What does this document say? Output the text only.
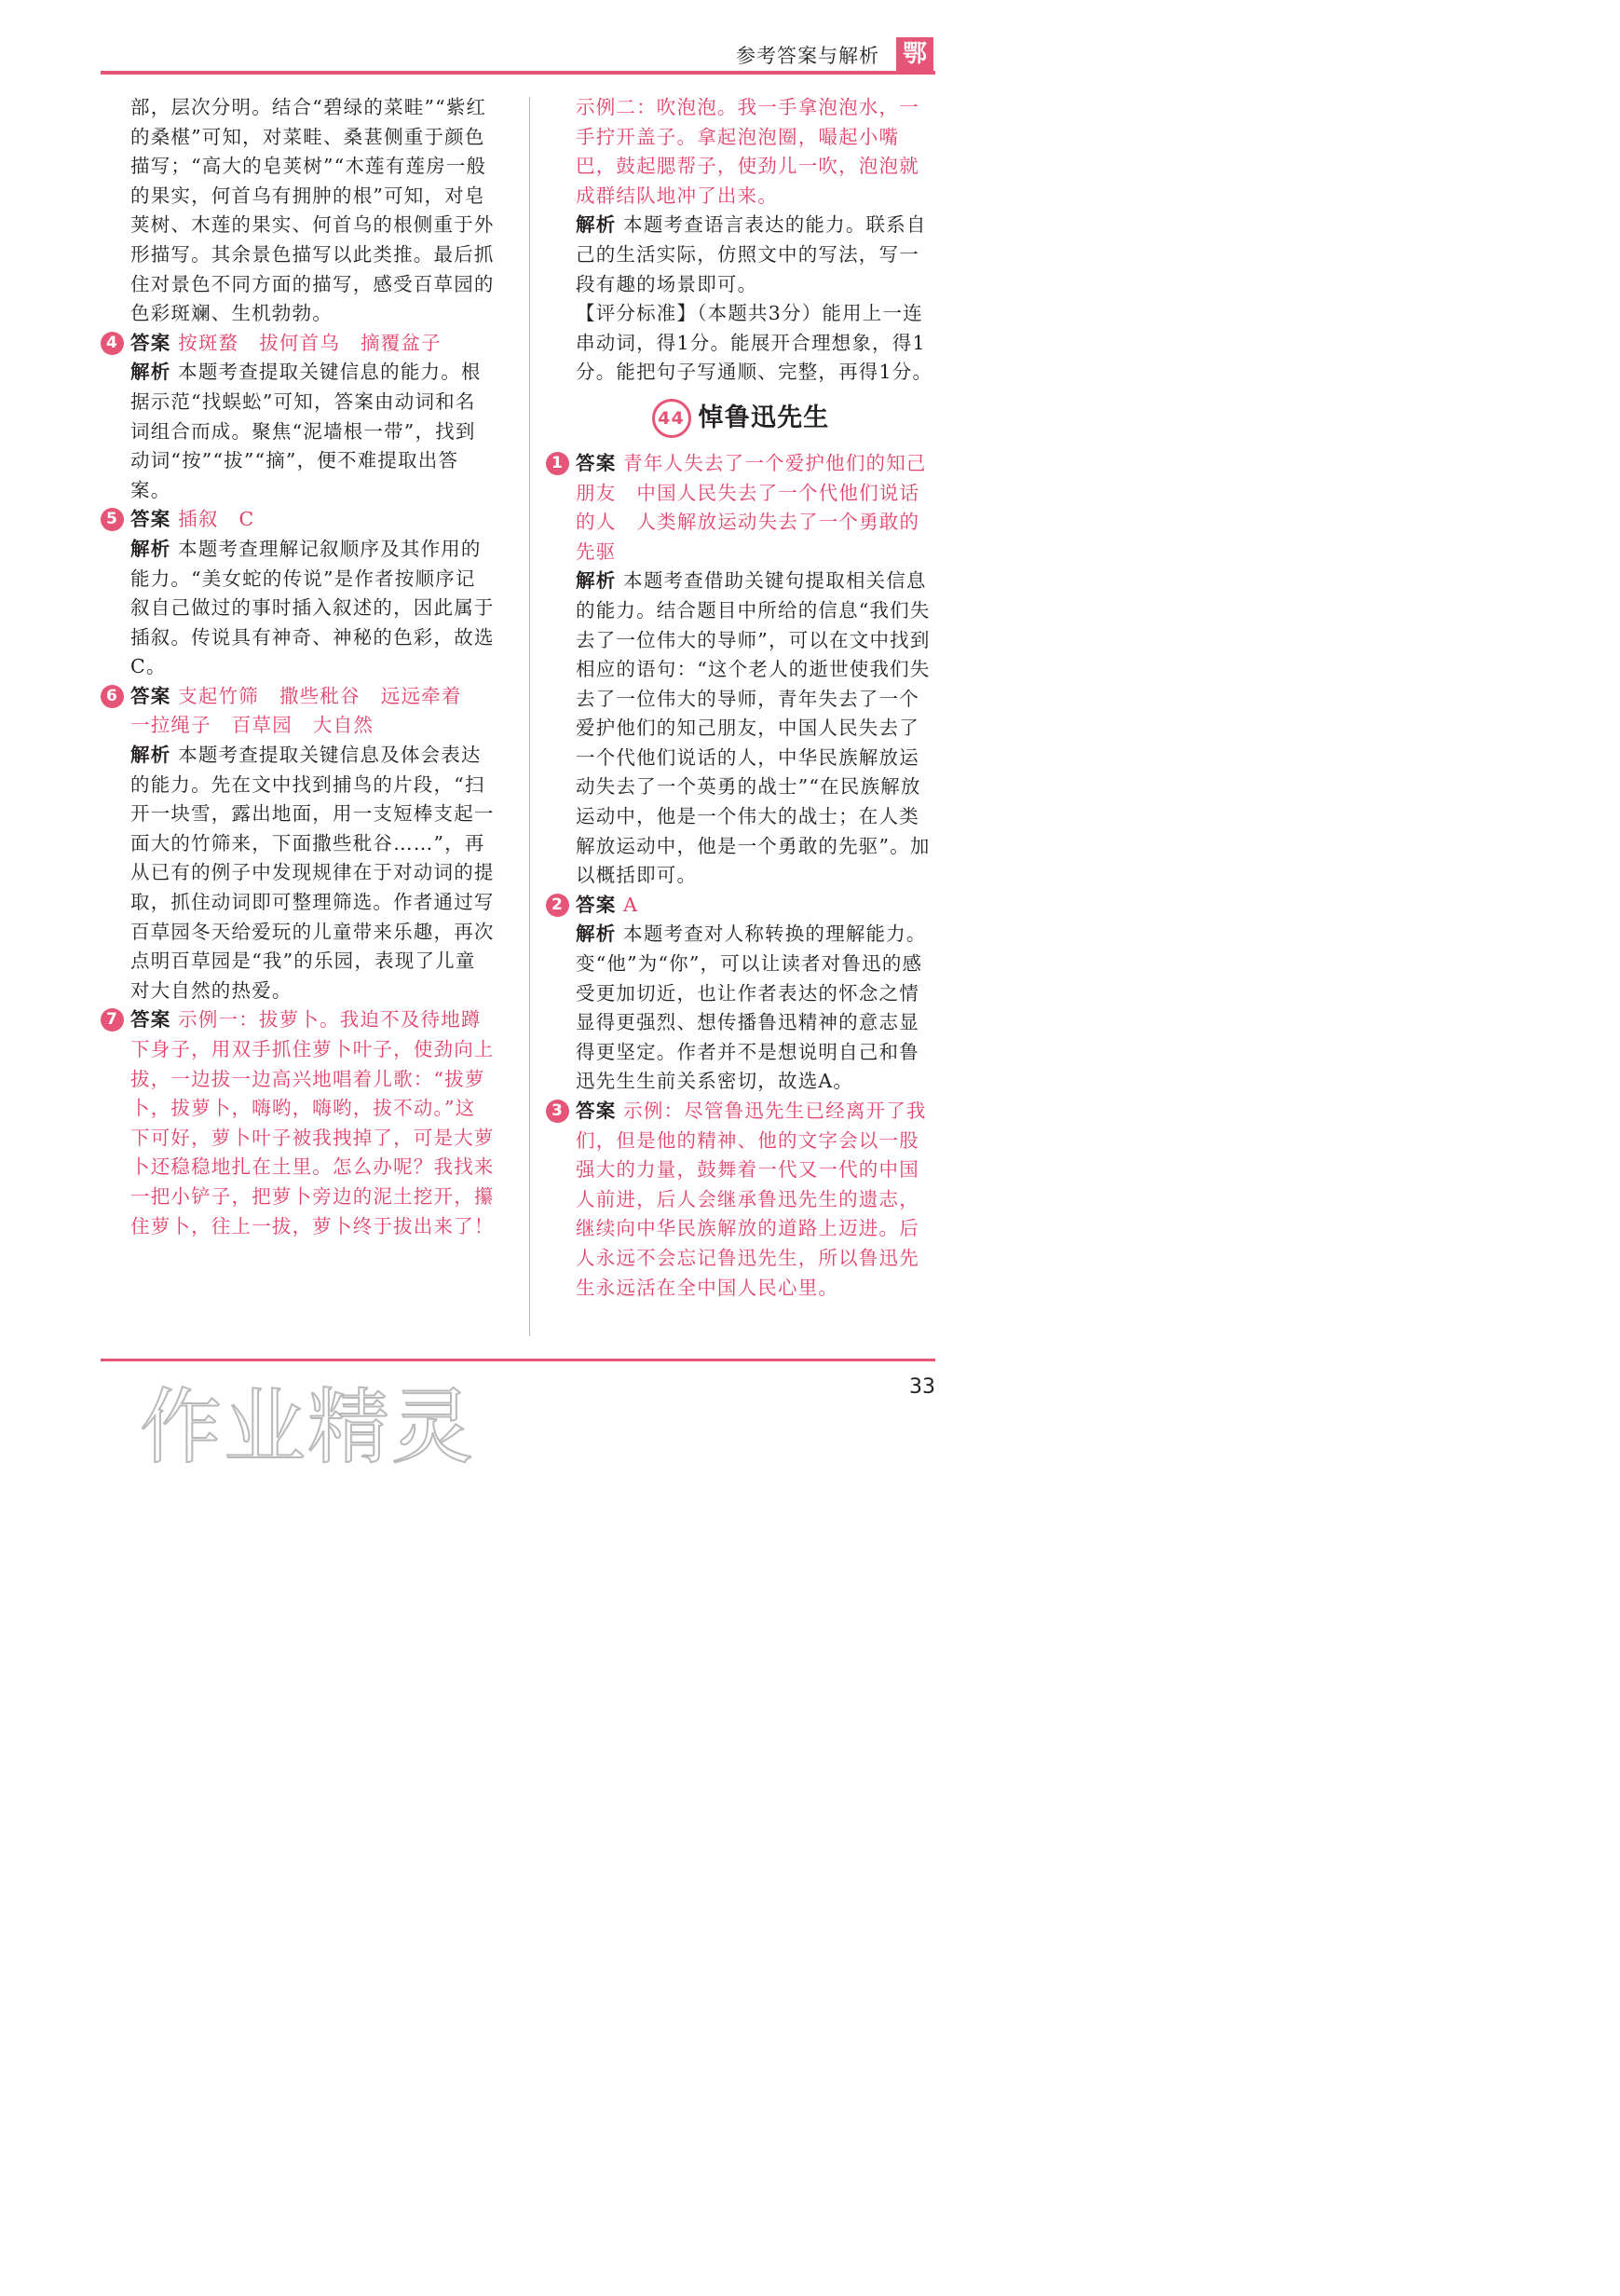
参考答案与解析 鄂

部，层次分明。结合“碧绿的菜畦”“紫红的桑椹”可知，对菜畦、桑葚侧重于颜色描写；“高大的皂荚树”“木莲有莲房一般的果实，何首乌有拥肿的根”可知，对皂荚树、木莲的果实、何首乌的根侧重于外形描写。其余景色描写以此类推。最后抓住对景色不同方面的描写，感受百草园的色彩斑斓、生机勃勃。

4 答案 按斑蝥 拔何首乌 摘覆盆子
解析 本题考查提取关键信息的能力。根据示范“找蜈蚣”可知，答案由动词和名词组合而成。聚焦“泥墙根一带”，找到动词“按”“拔”“摘”，便不难提取出答案。
5 答案 插叙 C
解析 本题考查理解记叙顺序及其作用的能力。“美女蛇的传说”是作者按顺序记叙自己做过的事时插入叙述的，因此属于插叙。传说具有神奇、神秘的色彩，故选C。
6 答案 支起竹筛 撒些秕谷 远远牵着
一拉绳子 百草园 大自然
解析 本题考查提取关键信息及体会表达的能力。先在文中找到捕鸟的片段，“扫开一块雪，露出地面，用一支短棒支起一面大的竹筛来，下面撒些秕谷……”，再从已有的例子中发现规律在于对动词的提取，抓住动词即可整理筛选。作者通过写百草园冬天给爱玩的儿童带来乐趣，再次点明百草园是“我”的乐园，表现了儿童对大自然的热爱。
7 答案 示例一：拔萝卜。我迫不及待地蹲下身子，用双手抓住萝卜叶子，使劲向上拔，一边拔一边高兴地唱着儿歌：“拔萝卜，拔萝卜，嗨哟，嗨哟，拔不动。”这下可好，萝卜叶子被我拽掉了，可是大萝卜还稳稳地扎在土里。怎么办呢？我找来一把小铲子，把萝卜旁边的泥土挖开，攥住萝卜，往上一拔，萝卜终于拔出来了！

示例二：吹泡泡。我一手拿泡泡水，一手拧开盖子。拿起泡泡圈，嘬起小嘴巴，鼓起腮帮子，使劲儿一吹，泡泡就成群结队地冲了出来。

解析 本题考查语言表达的能力。联系自己的生活实际，仿照文中的写法，写一段有趣的场景即可。

【评分标准】（本题共3分）能用上一连串动词，得1分。能展开合理想象，得1分。能把句子写通顺、完整，再得1分。

44 悼鲁迅先生
1 答案 青年人失去了一个爱护他们的知己朋友 中国人民失去了一个代他们说话的人 人类解放运动失去了一个勇敢的先驱
解析 本题考查借助关键句提取相关信息的能力。结合题目中所给的信息“我们失去了一位伟大的导师”，可以在文中找到相应的语句：“这个老人的逝世使我们失去了一位伟大的导师，青年失去了一个爱护他们的知己朋友，中国人民失去了一个代他们说话的人，中华民族解放运动失去了一个英勇的战士”“在民族解放运动中，他是一个伟大的战士；在人类解放运动中，他是一个勇敢的先驱”。加以概括即可。
2 答案 A
解析 本题考查对人称转换的理解能力。变“他”为“你”，可以让读者对鲁迅的感受更加切近，也让作者表达的怀念之情显得更强烈、想传播鲁迅精神的意志显得更坚定。作者并不是想说明自己和鲁迅先生生前关系密切，故选A。
3 答案 示例：尽管鲁迅先生已经离开了我们，但是他的精神、他的文字会以一股强大的力量，鼓舞着一代又一代的中国人前进，后人会继承鲁迅先生的遗志，继续向中华民族解放的道路上迈进。后人永远不会忘记鲁迅先生，所以鲁迅先生永远活在全中国人民心里。
作业精灵	33
